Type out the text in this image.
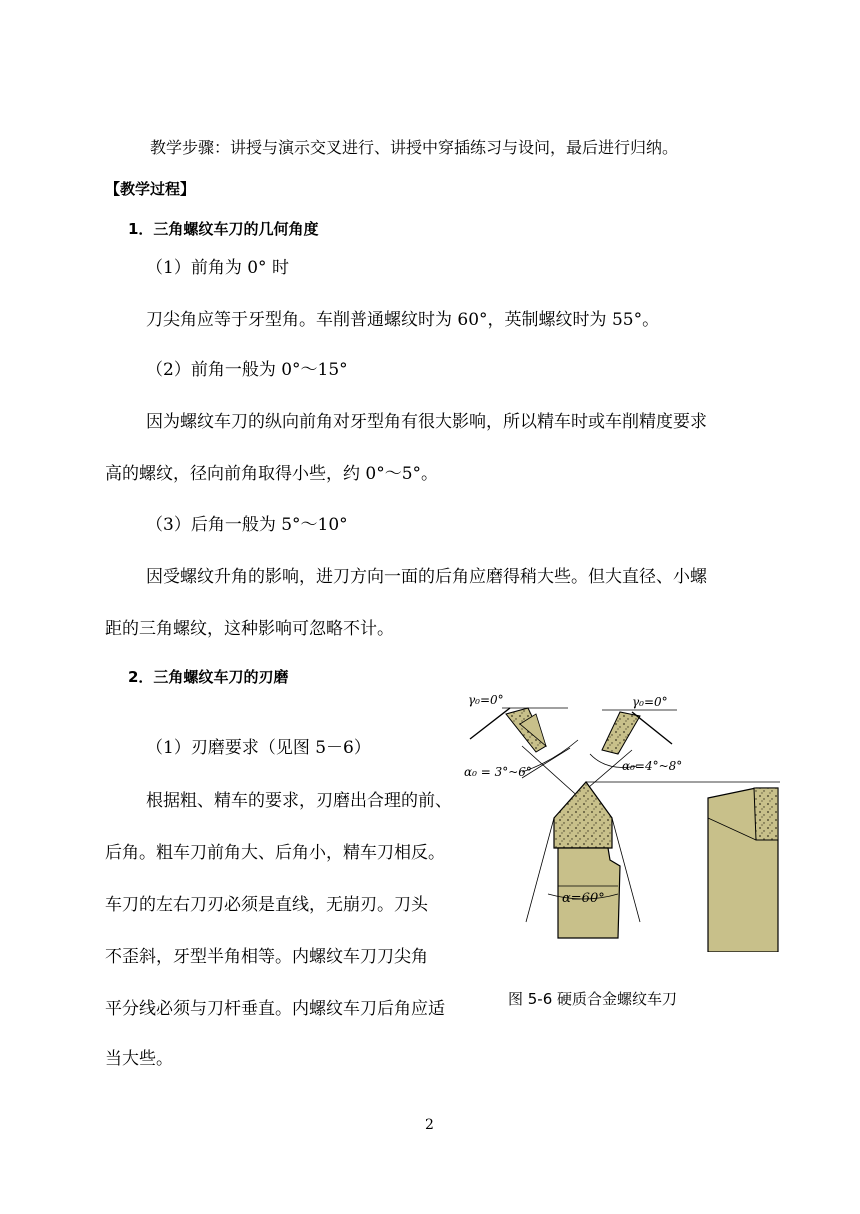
教学步骤：讲授与演示交叉进行、讲授中穿插练习与设问，最后进行归纳。
【教学过程】
1．三角螺纹车刀的几何角度
（1）前角为 0° 时
刀尖角应等于牙型角。车削普通螺纹时为 60°，英制螺纹时为 55°。
（2）前角一般为 0°～15°
因为螺纹车刀的纵向前角对牙型角有很大影响，所以精车时或车削精度要求
高的螺纹，径向前角取得小些，约 0°～5°。
（3）后角一般为 5°～10°
因受螺纹升角的影响，进刀方向一面的后角应磨得稍大些。但大直径、小螺
距的三角螺纹，这种影响可忽略不计。
2．三角螺纹车刀的刃磨
（1）刃磨要求（见图 5－6）
根据粗、精车的要求，刃磨出合理的前、
后角。粗车刀前角大、后角小，精车刀相反。
车刀的左右刀刃必须是直线，无崩刃。刀头
不歪斜，牙型半角相等。内螺纹车刀刀尖角
平分线必须与刀杆垂直。内螺纹车刀后角应适
当大些。
γ₀=0°	γ₀=0°
α₀ = 3°~6°	α₀=4°~8°
α=60°
图 5-6 硬质合金螺纹车刀
2
